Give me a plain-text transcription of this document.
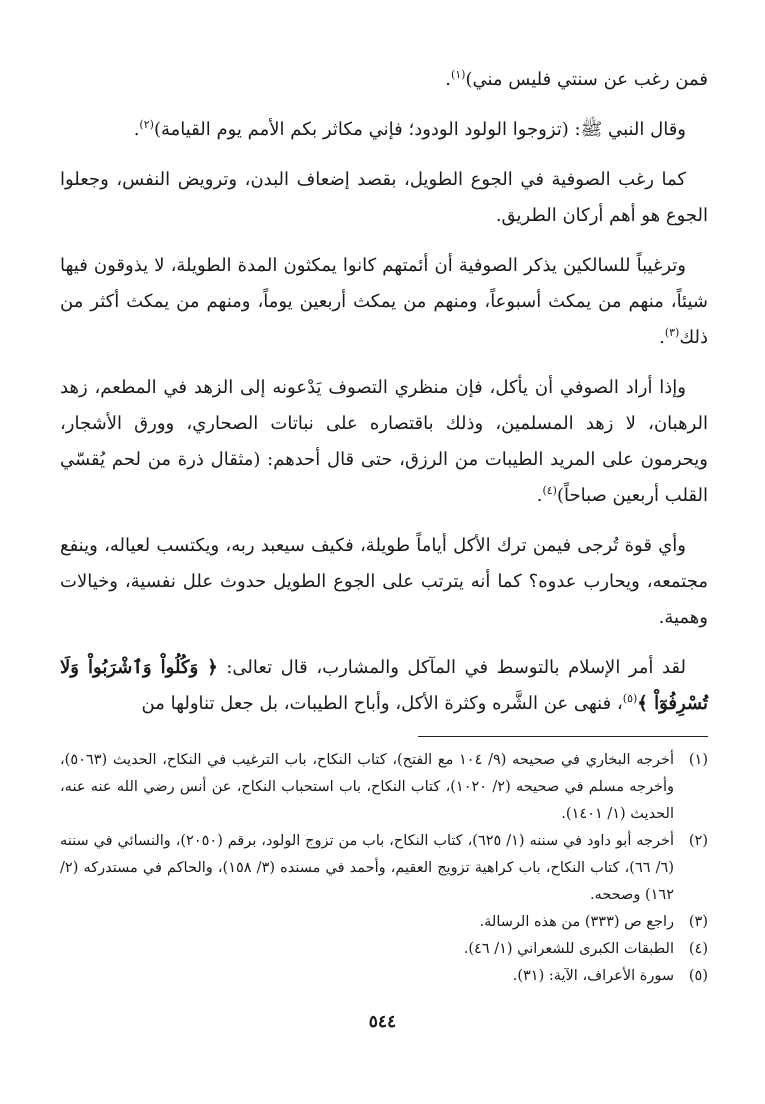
فمن رغب عن سنتي فليس مني)$^{(١)}$.

وقال النبي ﷺ: (تزوجوا الولود الودود؛ فإني مكاثر بكم الأمم يوم القيامة)$^{(٢)}$.

كما رغب الصوفية في الجوع الطويل، بقصد إضعاف البدن، وترويض النفس، وجعلوا الجوع هو أهم أركان الطريق.

وترغيباً للسالكين يذكر الصوفية أن أئمتهم كانوا يمكثون المدة الطويلة، لا يذوقون فيها شيئاً، منهم من يمكث أسبوعاً، ومنهم من يمكث أربعين يوماً، ومنهم من يمكث أكثر من ذلك$^{(٣)}$.

وإذا أراد الصوفي أن يأكل، فإن منظري التصوف يَدْعونه إلى الزهد في المطعم، زهد الرهبان، لا زهد المسلمين، وذلك باقتصاره على نباتات الصحاري، وورق الأشجار، ويحرمون على المريد الطيبات من الرزق، حتى قال أحدهم: (مثقال ذرة من لحم يُقسّي القلب أربعين صباحاً)$^{(٤)}$.

وأي قوة تُرجى فيمن ترك الأكل أياماً طويلة، فكيف سيعبد ربه، ويكتسب لعياله، وينفع مجتمعه، ويحارب عدوه؟ كما أنه يترتب على الجوع الطويل حدوث علل نفسية، وخيالات وهمية.

لقد أمر الإسلام بالتوسط في المآكل والمشارب، قال تعالى: ﴿ وَكُلُواْ وَٱشْرَبُواْ وَلَا تُسْرِفُوٓاْ ﴾$^{(٥)}$، فنهى عن الشَّره وكثرة الأكل، وأباح الطيبات، بل جعل تناولها من

(١)
أخرجه البخاري في صحيحه (٩/ ١٠٤ مع الفتح)، كتاب النكاح، باب الترغيب في النكاح، الحديث (٥٠٦٣)، وأخرجه مسلم في صحيحه (٢/ ١٠٢٠)، كتاب النكاح، باب استحباب النكاح، عن أنس رضي الله عنه عنه، الحديث (١/ ١٤٠١).
(٢)
أخرجه أبو داود في سننه (١/ ٦٢٥)، كتاب النكاح، باب من تزوج الولود، برقم (٢٠٥٠)، والنسائي في سننه (٦/ ٦٦)، كتاب النكاح، باب كراهية تزويج العقيم، وأحمد في مسنده (٣/ ١٥٨)، والحاكم في مستدركه (٢/ ١٦٢) وصححه.
(٣)
راجع ص (٣٣٣) من هذه الرسالة.
(٤)
الطبقات الكبرى للشعراني (١/ ٤٦).
(٥)
سورة الأعراف، الآية: (٣١).
٥٤٤
